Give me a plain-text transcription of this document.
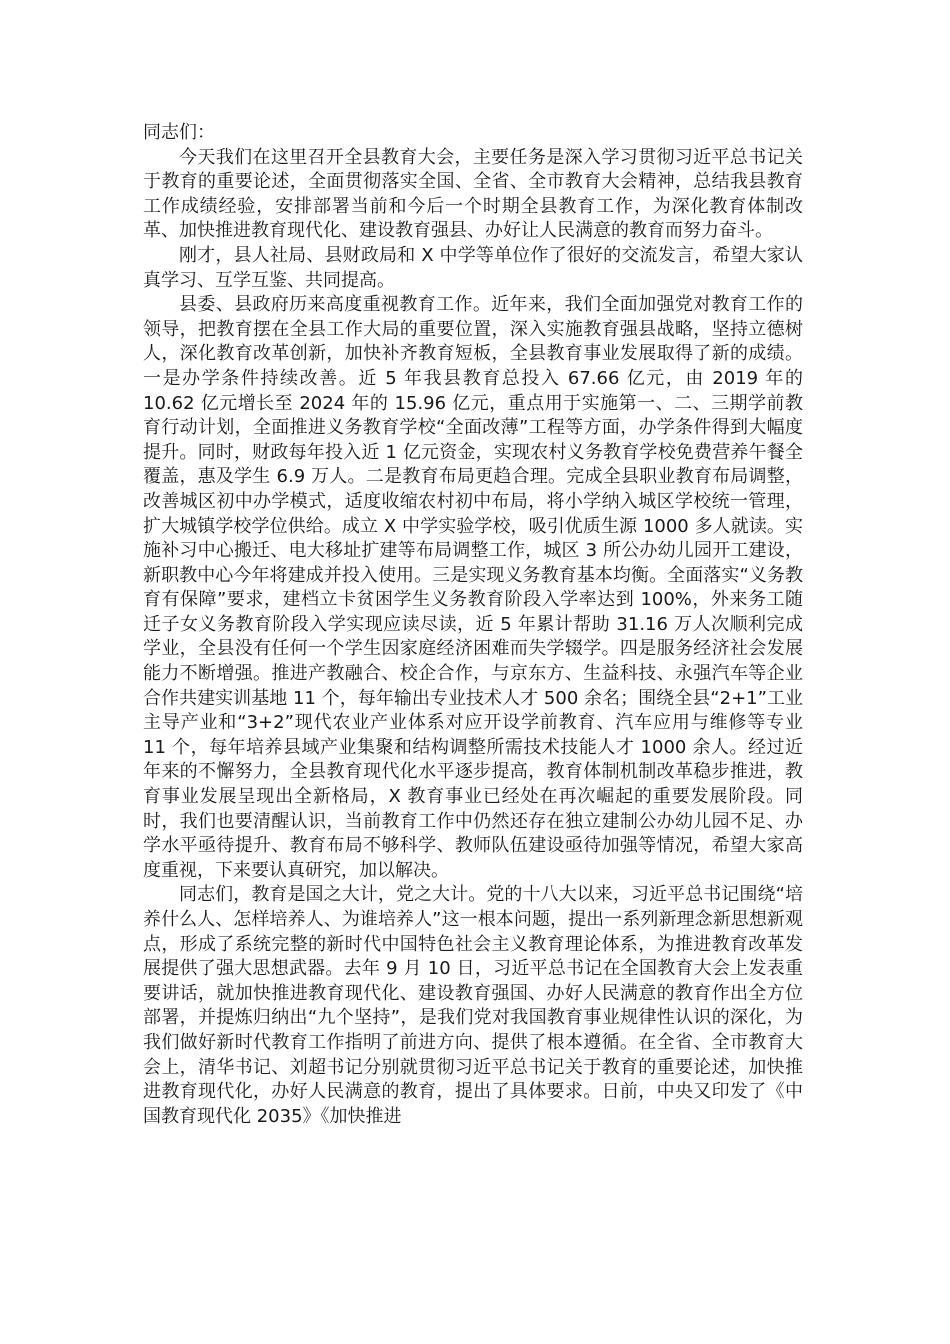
同志们：

今天我们在这里召开全县教育大会，主要任务是深入学习贯彻习近平总书记关于教育的重要论述，全面贯彻落实全国、全省、全市教育大会精神，总结我县教育工作成绩经验，安排部署当前和今后一个时期全县教育工作，为深化教育体制改革、加快推进教育现代化、建设教育强县、办好让人民满意的教育而努力奋斗。

刚才，县人社局、县财政局和 X 中学等单位作了很好的交流发言，希望大家认真学习、互学互鉴、共同提高。

县委、县政府历来高度重视教育工作。近年来，我们全面加强党对教育工作的领导，把教育摆在全县工作大局的重要位置，深入实施教育强县战略，坚持立德树人，深化教育改革创新，加快补齐教育短板，全县教育事业发展取得了新的成绩。一是办学条件持续改善。近 5 年我县教育总投入 67.66 亿元，由 2019 年的 10.62 亿元增长至 2024 年的 15.96 亿元，重点用于实施第一、二、三期学前教育行动计划，全面推进义务教育学校“全面改薄”工程等方面，办学条件得到大幅度提升。同时，财政每年投入近 1 亿元资金，实现农村义务教育学校免费营养午餐全覆盖，惠及学生 6.9 万人。二是教育布局更趋合理。完成全县职业教育布局调整，改善城区初中办学模式，适度收缩农村初中布局，将小学纳入城区学校统一管理，扩大城镇学校学位供给。成立 X 中学实验学校，吸引优质生源 1000 多人就读。实施补习中心搬迁、电大移址扩建等布局调整工作，城区 3 所公办幼儿园开工建设，新职教中心今年将建成并投入使用。三是实现义务教育基本均衡。全面落实“义务教育有保障”要求，建档立卡贫困学生义务教育阶段入学率达到 100%，外来务工随迁子女义务教育阶段入学实现应读尽读，近 5 年累计帮助 31.16 万人次顺利完成学业，全县没有任何一个学生因家庭经济困难而失学辍学。四是服务经济社会发展能力不断增强。推进产教融合、校企合作，与京东方、生益科技、永强汽车等企业合作共建实训基地 11 个，每年输出专业技术人才 500 余名；围绕全县“2+1”工业主导产业和“3+2”现代农业产业体系对应开设学前教育、汽车应用与维修等专业 11 个，每年培养县域产业集聚和结构调整所需技术技能人才 1000 余人。经过近年来的不懈努力，全县教育现代化水平逐步提高，教育体制机制改革稳步推进，教育事业发展呈现出全新格局，X 教育事业已经处在再次崛起的重要发展阶段。同时，我们也要清醒认识，当前教育工作中仍然还存在独立建制公办幼儿园不足、办学水平亟待提升、教育布局不够科学、教师队伍建设亟待加强等情况，希望大家高度重视，下来要认真研究，加以解决。

同志们，教育是国之大计，党之大计。党的十八大以来，习近平总书记围绕“培养什么人、怎样培养人、为谁培养人”这一根本问题，提出一系列新理念新思想新观点，形成了系统完整的新时代中国特色社会主义教育理论体系，为推进教育改革发展提供了强大思想武器。去年 9 月 10 日，习近平总书记在全国教育大会上发表重要讲话，就加快推进教育现代化、建设教育强国、办好人民满意的教育作出全方位部署，并提炼归纳出“九个坚持”，是我们党对我国教育事业规律性认识的深化，为我们做好新时代教育工作指明了前进方向、提供了根本遵循。在全省、全市教育大会上，清华书记、刘超书记分别就贯彻习近平总书记关于教育的重要论述，加快推进教育现代化，办好人民满意的教育，提出了具体要求。日前，中央又印发了《中国教育现代化 2035》《加快推进
